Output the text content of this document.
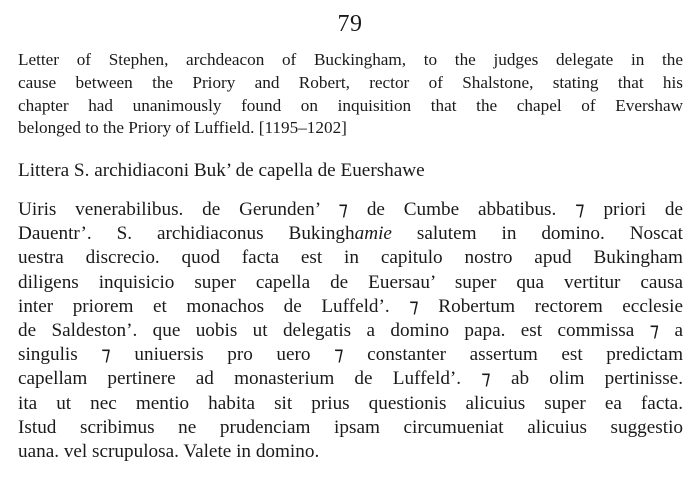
79
Letter of Stephen, archdeacon of Buckingham, to the judges delegate in the
cause between the Priory and Robert, rector of Shalstone, stating that his
chapter had unanimously found on inquisition that the chapel of Evershaw
belonged to the Priory of Luffield. [1195–1202]
Littera S. archidiaconi Buk’ de capella de Euershawe
Uiris venerabilibus. de Gerunden’ ⁊ de Cumbe abbatibus. ⁊ priori de
Dauentr’. S. archidiaconus Bukinghamie salutem in domino. Noscat
uestra discrecio. quod facta est in capitulo nostro apud Bukingham
diligens inquisicio super capella de Euersau’ super qua vertitur causa
inter priorem et monachos de Luffeld’. ⁊ Robertum rectorem ecclesie
de Saldeston’. que uobis ut delegatis a domino papa. est commissa ⁊ a
singulis ⁊ uniuersis pro uero ⁊ constanter assertum est predictam
capellam pertinere ad monasterium de Luffeld’. ⁊ ab olim pertinisse.
ita ut nec mentio habita sit prius questionis alicuius super ea facta.
Istud scribimus ne prudenciam ipsam circumueniat alicuius suggestio
uana. vel scrupulosa. Valete in domino.
